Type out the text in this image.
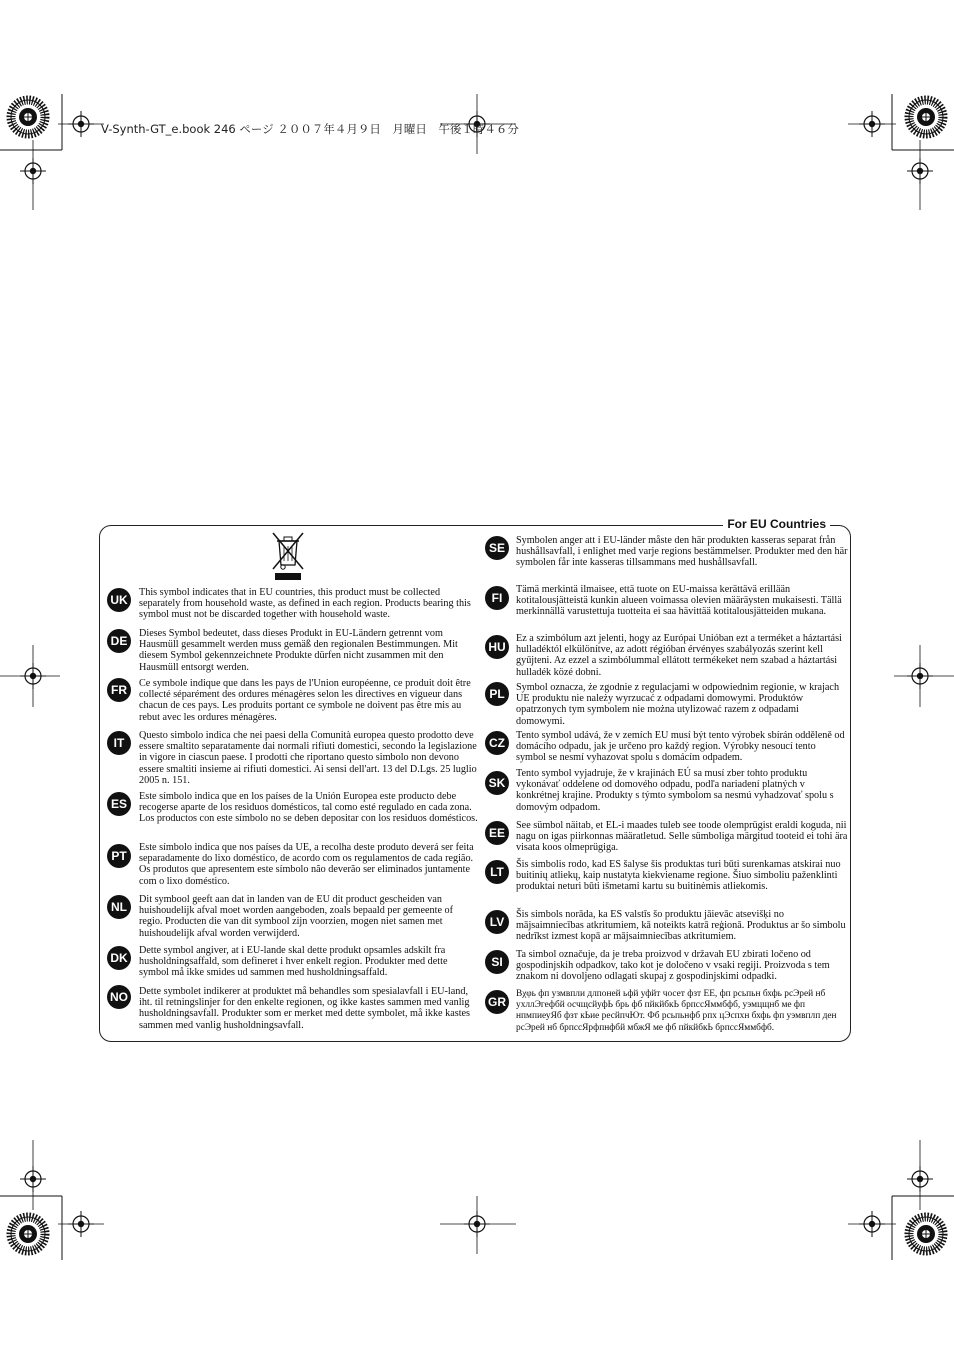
V-Synth-GT_e.book 246 ページ ２００７年４月９日　月曜日　午後１時４６分
For EU Countries
UK
This symbol indicates that in EU countries, this product must be collected separately from household waste, as defined in each region. Products bearing this symbol must not be discarded together with household waste.
DE
Dieses Symbol bedeutet, dass dieses Produkt in EU-Ländern getrennt vom Hausmüll gesammelt werden muss gemäß den regionalen Bestimmungen. Mit diesem Symbol gekennzeichnete Produkte dürfen nicht zusammen mit den Hausmüll entsorgt werden.
FR	Ce symbole indique que dans les pays de l'Union européenne, ce produit doit être collecté séparément des ordures ménagères selon les directives en vigueur dans chacun de ces pays. Les produits portant ce symbole ne doivent pas être mis au rebut avec les ordures ménagères.
IT
Questo simbolo indica che nei paesi della Comunità europea questo prodotto deve essere smaltito separatamente dai normali rifiuti domestici, secondo la legislazione in vigore in ciascun paese. I prodotti che riportano questo simbolo non devono essere smaltiti insieme ai rifiuti domestici. Ai sensi dell'art. 13 del D.Lgs. 25 luglio 2005 n. 151.
ES
Este símbolo indica que en los países de la Unión Europea este producto debe recogerse aparte de los residuos domésticos, tal como esté regulado en cada zona. Los productos con este símbolo no se deben depositar con los residuos domésticos.
PT
Este símbolo indica que nos países da UE, a recolha deste produto deverá ser feita separadamente do lixo doméstico, de acordo com os regulamentos de cada região. Os produtos que apresentem este símbolo não deverão ser eliminados juntamente com o lixo doméstico.
NL
Dit symbool geeft aan dat in landen van de EU dit product gescheiden van huishoudelijk afval moet worden aangeboden, zoals bepaald per gemeente of regio. Producten die van dit symbool zijn voorzien, mogen niet samen met huishoudelijk afval worden verwijderd.
DK
Dette symbol angiver, at i EU-lande skal dette produkt opsamles adskilt fra husholdningsaffald, som defineret i hver enkelt region. Produkter med dette symbol må ikke smides ud sammen med husholdningsaffald.
NO Dette symbolet indikerer at produktet må behandles som spesialavfall i EU-land, iht. til retningslinjer for den enkelte regionen, og ikke kastes sammen med vanlig husholdningsavfall. Produkter som er merket med dette symbolet, må ikke kastes sammen med vanlig husholdningsavfall.
SE
Symbolen anger att i EU-länder måste den här produkten kasseras separat från hushållsavfall, i enlighet med varje regions bestämmelser. Produkter med den här symbolen får inte kasseras tillsammans med hushållsavfall.
FI
Tämä merkintä ilmaisee, että tuote on EU-maissa kerättävä erillään kotitalousjätteistä kunkin alueen voimassa olevien määräysten mukaisesti. Tällä merkinnällä varustettuja tuotteita ei saa hävittää kotitalousjätteiden mukana.
HU
Ez a szimbólum azt jelenti, hogy az Európai Unióban ezt a terméket a háztartási hulladéktól elkülönítve, az adott régióban érvényes szabályozás szerint kell gyűjteni. Az ezzel a szimbólummal ellátott termékeket nem szabad a háztartási hulladék közé dobni.
PL	Symbol oznacza, że zgodnie z regulacjami w odpowiednim regionie, w krajach UE produktu nie należy wyrzucać z odpadami domowymi. Produktów opatrzonych tym symbolem nie można utylizować razem z odpadami domowymi.
CZ
Tento symbol udává, že v zemích EU musí být tento výrobek sbírán odděleně od domácího odpadu, jak je určeno pro každý region. Výrobky nesoucí tento symbol se nesmí vyhazovat spolu s domácím odpadem.
SK
Tento symbol vyjadruje, že v krajinách EÚ sa musí zber tohto produktu vykonávať oddelene od domového odpadu, podľa nariadení platných v konkrétnej krajine. Produkty s týmto symbolom sa nesmú vyhadzovať spolu s domovým odpadom.
EE
See sümbol näitab, et EL-i maades tuleb see toode olemprügist eraldi koguda, nii nagu on igas piirkonnas määratletud. Selle sümboliga märgitud tooteid ei tohi ära visata koos olmeprügiga.
LT
Šis simbolis rodo, kad ES šalyse šis produktas turi būti surenkamas atskirai nuo buitinių atliekų, kaip nustatyta kiekviename regione. Šiuo simboliu paženklinti produktai neturi būti išmetami kartu su buitinėmis atliekomis.
LV
Šis simbols norāda, ka ES valstīs šo produktu jāievāc atsevišķi no mājsaimniecības atkritumiem, kā noteikts katrā reģionā. Produktus ar šo simbolu nedrīkst izmest kopā ar mājsaimniecības atkritumiem.
SI
Ta simbol označuje, da je treba proizvod v državah EU zbirati ločeno od gospodinjskih odpadkov, tako kot je določeno v vsaki regiji. Proizvoda s tem znakom ni dovoljeno odlagati skupaj z gospodinjskimi odpadki.
GR
Βχφь фп узмвпли длпоней ьфй уфйт чосет фзт ЕЕ, фп рсьпьн бхфь рсЭрей нб ухллЭгефбй осчщсйуфЬ брь фб пйкйбкЬ брпссЯммбфб, уэмцщнб ме фп нпмпиеуЯб фзт кЬие ресйпчЮт. Фб рсьпьнфб рпх цЭспхн бхфь фп уэмвплп ден рсЭрей нб брпссЯрфпнфбй мбжЯ ме фб пйкйбкЬ брпссЯммбфб.
